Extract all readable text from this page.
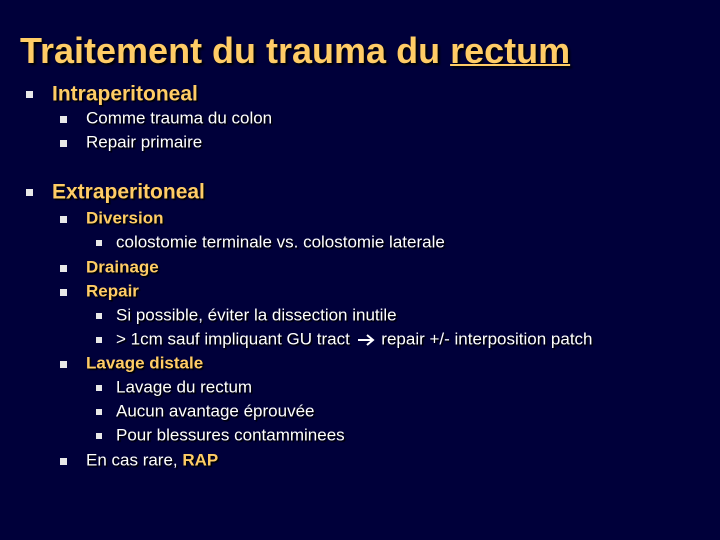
Traitement du trauma du rectum
Intraperitoneal
Comme trauma du colon
Repair primaire
Extraperitoneal
Diversion
colostomie terminale vs. colostomie laterale
Drainage
Repair
Si possible, éviter la dissection inutile
> 1cm sauf impliquant GU tract  repair +/- interposition patch
Lavage distale
Lavage du rectum
Aucun avantage éprouvée
Pour blessures contamminees
En cas rare, RAP
